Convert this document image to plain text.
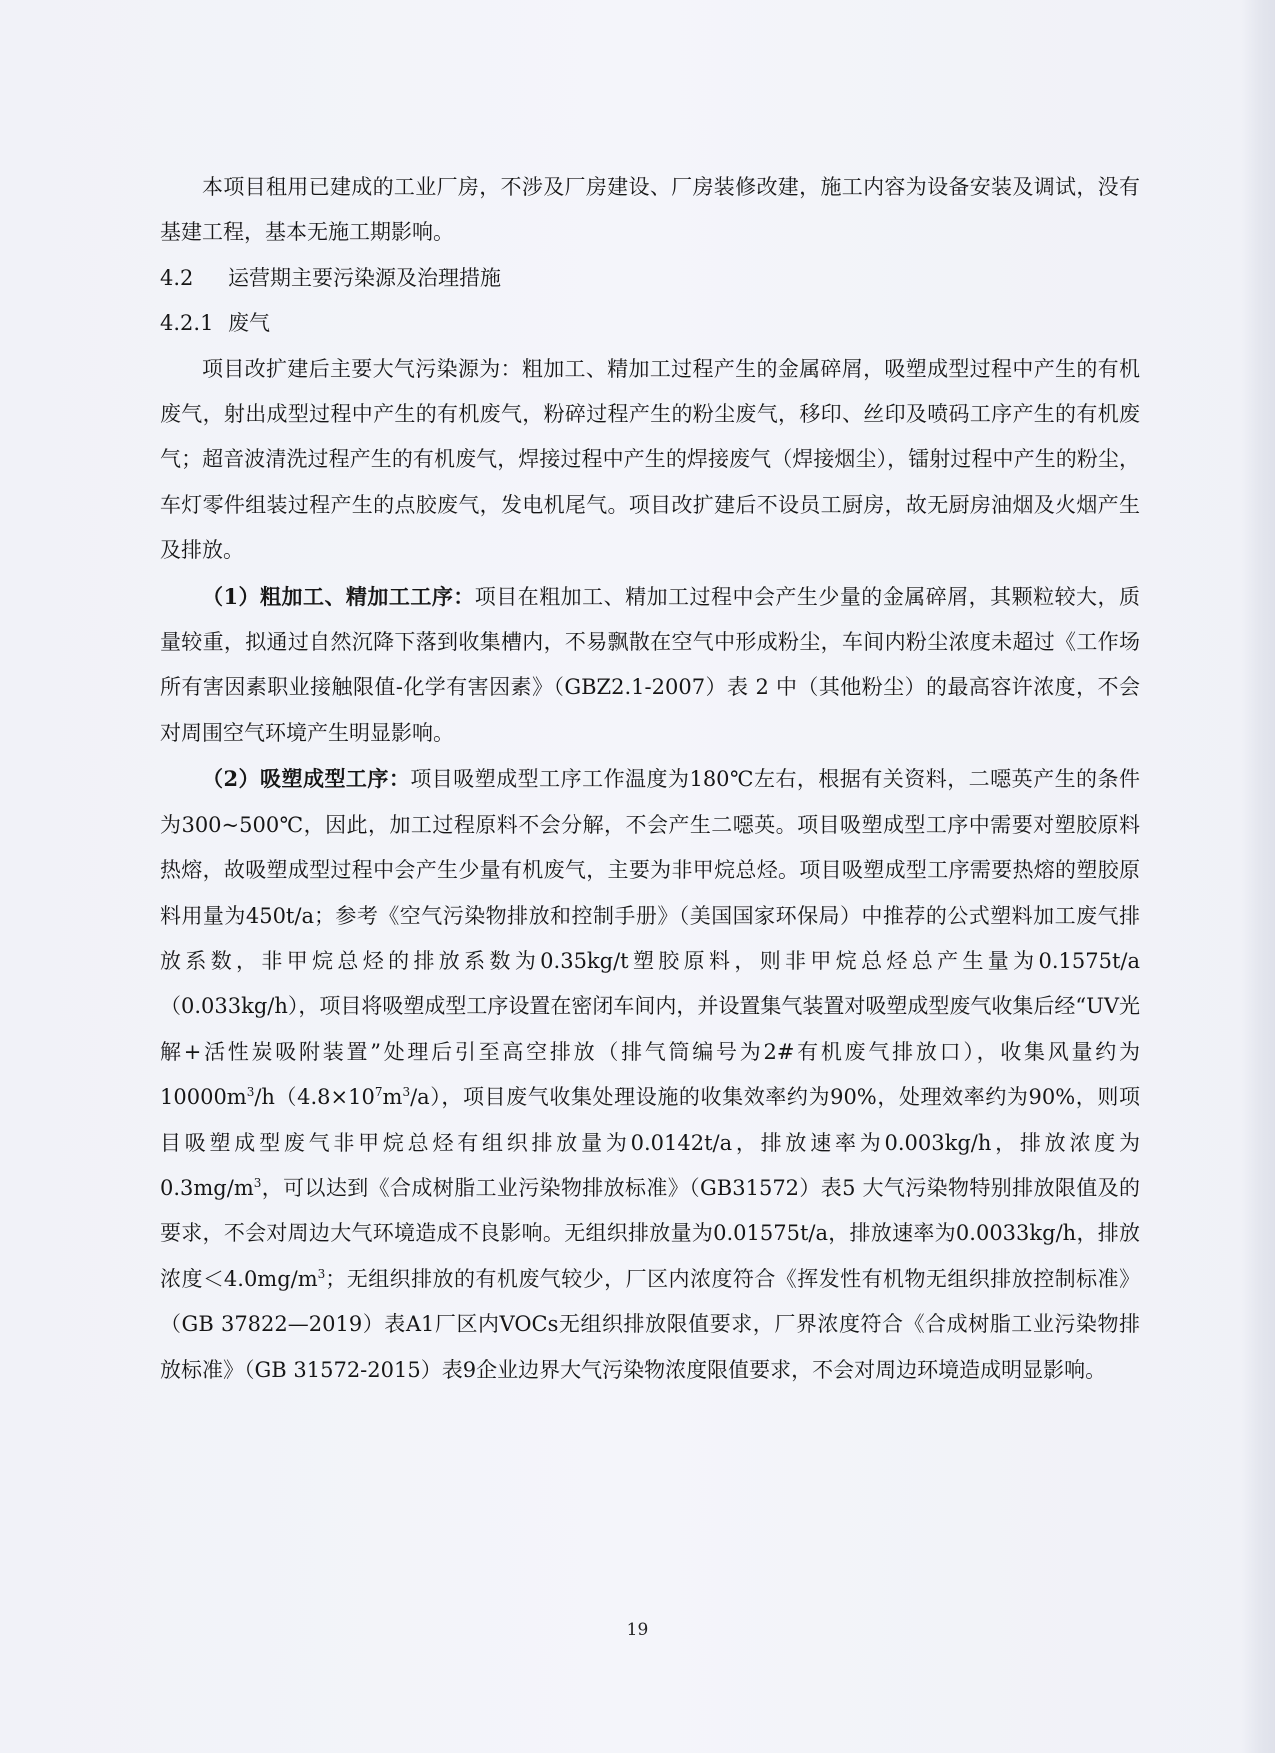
本项目租用已建成的工业厂房，不涉及厂房建设、厂房装修改建，施工内容为设备安装及调试，没有基建工程，基本无施工期影响。

4.2 运营期主要污染源及治理措施

4.2.1 废气

项目改扩建后主要大气污染源为：粗加工、精加工过程产生的金属碎屑，吸塑成型过程中产生的有机废气，射出成型过程中产生的有机废气，粉碎过程产生的粉尘废气，移印、丝印及喷码工序产生的有机废气；超音波清洗过程产生的有机废气，焊接过程中产生的焊接废气（焊接烟尘），镭射过程中产生的粉尘，车灯零件组装过程产生的点胶废气，发电机尾气。项目改扩建后不设员工厨房，故无厨房油烟及火烟产生及排放。

（1）粗加工、精加工工序：项目在粗加工、精加工过程中会产生少量的金属碎屑，其颗粒较大，质量较重，拟通过自然沉降下落到收集槽内，不易飘散在空气中形成粉尘，车间内粉尘浓度未超过《工作场所有害因素职业接触限值-化学有害因素》（GBZ2.1-2007）表 2 中（其他粉尘）的最高容许浓度，不会对周围空气环境产生明显影响。

（2）吸塑成型工序：项目吸塑成型工序工作温度为180℃左右，根据有关资料，二噁英产生的条件为300~500℃，因此，加工过程原料不会分解，不会产生二噁英。项目吸塑成型工序中需要对塑胶原料热熔，故吸塑成型过程中会产生少量有机废气，主要为非甲烷总烃。项目吸塑成型工序需要热熔的塑胶原料用量为450t/a；参考《空气污染物排放和控制手册》（美国国家环保局）中推荐的公式塑料加工废气排放系数，非甲烷总烃的排放系数为0.35kg/t塑胶原料，则非甲烷总烃总产生量为0.1575t/a（0.033kg/h），项目将吸塑成型工序设置在密闭车间内，并设置集气装置对吸塑成型废气收集后经“UV光解+活性炭吸附装置”处理后引至高空排放（排气筒编号为2#有机废气排放口），收集风量约为$10000m^3/h(4.8\times 10^7m^3/a)$，项目废气收集处理设施的收集效率约为90%，处理效率约为90%，则项目吸塑成型废气非甲烷总烃有组织排放量为0.0142t/a，排放速率为0.003kg/h，排放浓度为$0.3mg/m^3$，可以达到《合成树脂工业污染物排放标准》（GB31572）表5 大气污染物特别排放限值及的要求，不会对周边大气环境造成不良影响。无组织排放量为0.01575t/a，排放速率为0.0033kg/h，排放浓度$<4.0mg/m^3$；无组织排放的有机废气较少，厂区内浓度符合《挥发性有机物无组织排放控制标准》（GB 37822—2019）表A1厂区内VOCs无组织排放限值要求，厂界浓度符合《合成树脂工业污染物排放标准》（GB 31572-2015）表9企业边界大气污染物浓度限值要求，不会对周边环境造成明显影响。

19
